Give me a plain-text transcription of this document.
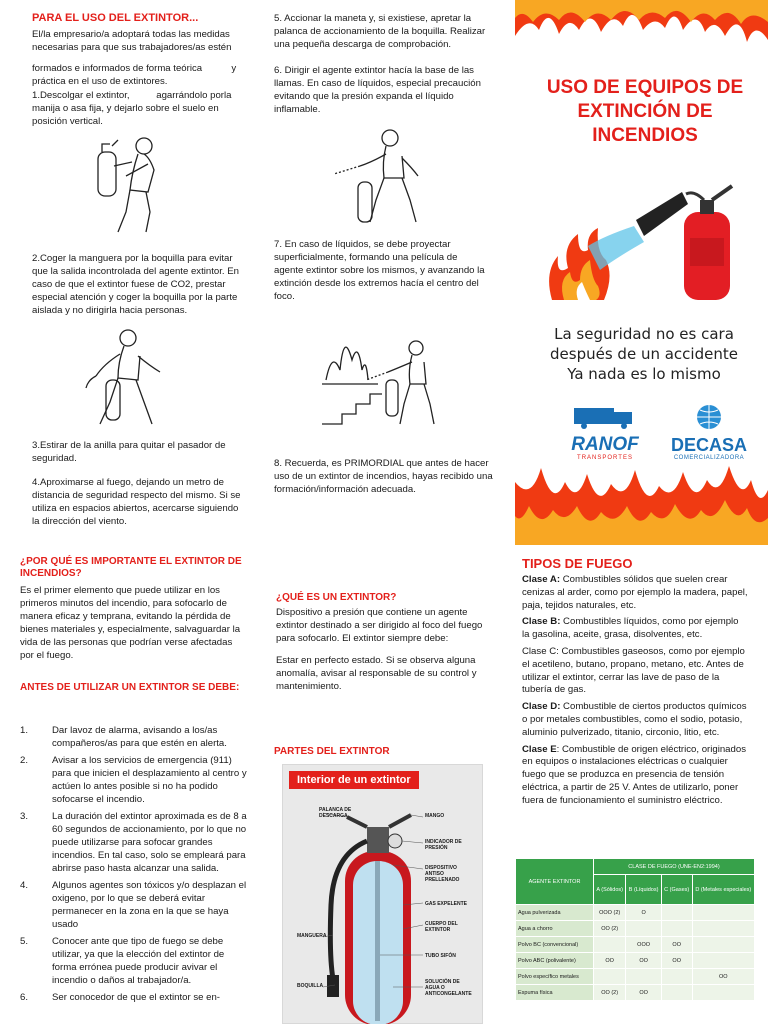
PARA EL USO DEL EXTINTOR...
El/la empresario/a adoptará todas las medidas necesarias para que sus trabajadores/as estén
formados e informados de forma teórica           y práctica en el uso de extintores.
1.Descolgar el extintor,          agarrándolo porla manija o asa fija, y dejarlo sobre el suelo en posición vertical.
2.Coger la manguera por la boquilla para evitar que la salida incontrolada del agente extintor. En caso de que el extintor fuese de CO2, prestar especial atención y coger la boquilla por la parte aislada y no dirigirla hacia personas.
3.Estirar de la anilla para quitar el pasador de seguridad.
4.Aproximarse al fuego, dejando un metro de distancia de seguridad respecto del mismo. Si se utiliza en espacios abiertos, acercarse siguiendo la dirección del viento.
5. Accionar la maneta y, si existiese, apretar la palanca de accionamiento de la boquilla. Realizar una pequeña descarga de comprobación.
6. Dirigir el agente extintor hacía la base de las llamas. En caso de líquidos, especial precaución evitando que la presión expanda el líquido inflamable.
7. En caso de líquidos, se debe proyectar superficialmente, formando una película de agente extintor sobre los mismos, y avanzando la extinción desde los extremos hacía el centro del foco.
8. Recuerda, es PRIMORDIAL que antes de hacer uso de un extintor de incendios, hayas recibido una formación/información adecuada.
USO DE EQUIPOS DE EXTINCIÓN DE INCENDIOS
La seguridad no es cara
después de un accidente
Ya nada es lo mismo
RANOF
TRANSPORTES
DECASA
COMERCIALIZADORA
¿POR QUÉ ES IMPORTANTE EL EXTINTOR DE INCENDIOS?
Es el primer elemento que puede utilizar en los primeros minutos del incendio, para sofocarlo de manera eficaz y temprana, evitando la pérdida de bienes materiales y, especialmente, salvaguardar la vida de las personas que podrían verse afectadas por el fuego.
ANTES DE UTILIZAR UN EXTINTOR SE DEBE:
1.	Dar lavoz de alarma, avisando a los/as compañeros/as para que estén en alerta.
2.	Avisar a los servicios de emergencia (911) para que inicien el desplazamiento al centro y actúen lo antes posible si no ha podido sofocarse el incendio.
3.	La duración del extintor aproximada es de 8 a 60 segundos de accionamiento, por lo que no puede utilizarse para sofocar grandes incendios. En tal caso, solo se empleará para abrirse paso hasta alcanzar una salida.
4.	Algunos agentes son tóxicos y/o desplazan el oxigeno, por lo que se deberá evitar permanecer en la zona en la que se haya usado
5.	Conocer ante que tipo de fuego se debe utilizar, ya que la elección del extintor de forma errónea puede producir avivar el incendio o daños al trabajador/a.
6.	Ser conocedor de que el extintor se en-
¿QUÉ ES UN EXTINTOR?
Dispositivo a presión que contiene un agente extintor destinado a ser dirigido al foco del fuego para sofocarlo. El extintor siempre debe:
Estar en perfecto estado. Si se observa alguna anomalía, avisar al responsable de su control y mantenimiento.
PARTES DEL EXTINTOR
Interior de un extintor
PALANCA DE DESCARGA	MANGO
INDICADOR DE PRESIÓN
DISPOSITIVO ANTISO PRELLENADO
GAS EXPELENTE
CUERPO DEL EXTINTOR
MANGUERA
TUBO SIFÓN
BOQUILLA
SOLUCIÓN DE AGUA O ANTICONGELANTE
TIPOS DE FUEGO

Clase A: Combustibles sólidos que suelen crear cenizas al arder, como por ejemplo la madera, papel, paja, tejidos naturales, etc.

Clase B: Combustibles líquidos, como por ejemplo la gasolina, aceite, grasa, disolventes, etc.

Clase C: Combustibles gaseosos, como por ejemplo el acetileno, butano, propano, metano, etc. Antes de utilizar el extintor, cerrar las lave de paso de la tubería de gas.

Clase D: Combustible de ciertos productos químicos o por metales combustibles, como el sodio, potasio, aluminio pulverizado, titanio, circonio, litio, etc.

Clase E: Combustible de origen eléctrico, originados en equipos o instalaciones eléctricas o cualquier fuego que se produzca en presencia de tensión eléctrica, a partir de 25 V. Antes de utilizarlo, poner fuera de funcionamiento el suministro eléctrico.

AGENTE EXTINTOR	CLASE DE FUEGO (UNE-EN2:1994)			
	A (Sólidos)	B (Líquidos)	C (Gases)	D (Metales especiales)
Agua pulverizada	OOO (2)	O		
Agua a chorro	OO (2)			
Polvo BC (convencional)		OOO	OO	
Polvo ABC (polivalente)	OO	OO	OO	
Polvo específico metales				OO
Espuma física	OO (2)	OO		
